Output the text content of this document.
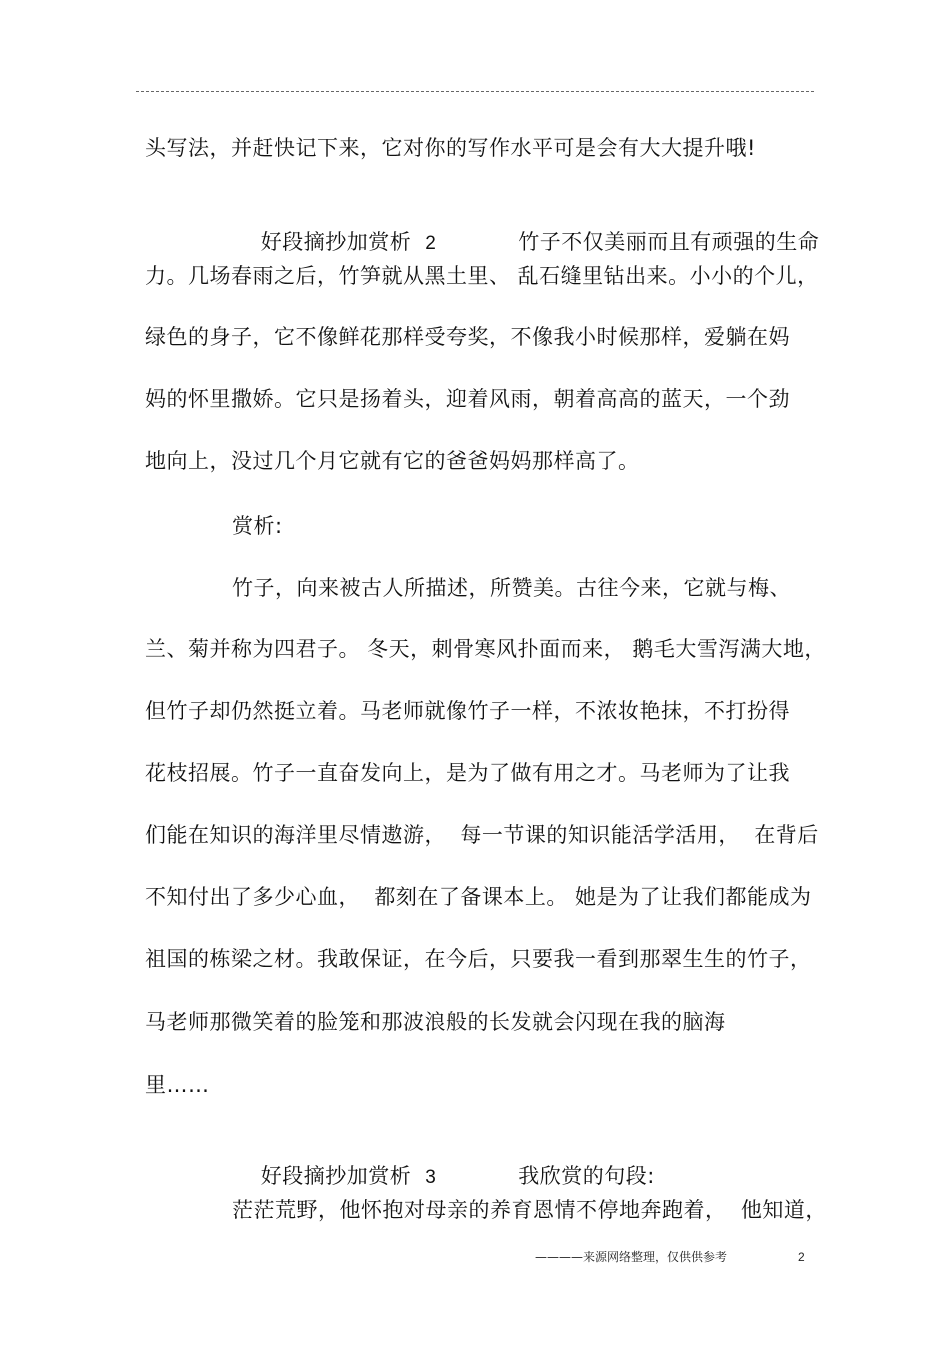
头写法，并赶快记下来，它对你的写作水平可是会有大大提升哦!

好段摘抄加赏析 2	竹子不仅美丽而且有顽强的生命

力。几场春雨之后，竹笋就从黑土里、 乱石缝里钻出来。小小的个儿，
绿色的身子，它不像鲜花那样受夸奖，不像我小时候那样，爱躺在妈
妈的怀里撒娇。它只是扬着头，迎着风雨，朝着高高的蓝天，一个劲
地向上，没过几个月它就有它的爸爸妈妈那样高了。
赏析:
竹子，向来被古人所描述，所赞美。古往今来，它就与梅、
兰、菊并称为四君子。 冬天，刺骨寒风扑面而来， 鹅毛大雪泻满大地，
但竹子却仍然挺立着。马老师就像竹子一样，不浓妆艳抹，不打扮得
花枝招展。竹子一直奋发向上，是为了做有用之才。马老师为了让我
们能在知识的海洋里尽情遨游，  每一节课的知识能活学活用，  在背后
不知付出了多少心血，  都刻在了备课本上。 她是为了让我们都能成为
祖国的栋梁之材。我敢保证，在今后，只要我一看到那翠生生的竹子，
马老师那微笑着的脸笼和那波浪般的长发就会闪现在我的脑海
里……

好段摘抄加赏析 3	我欣赏的句段:

茫茫荒野，他怀抱对母亲的养育恩情不停地奔跑着，  他知道，
————来源网络整理，仅供供参考	2
